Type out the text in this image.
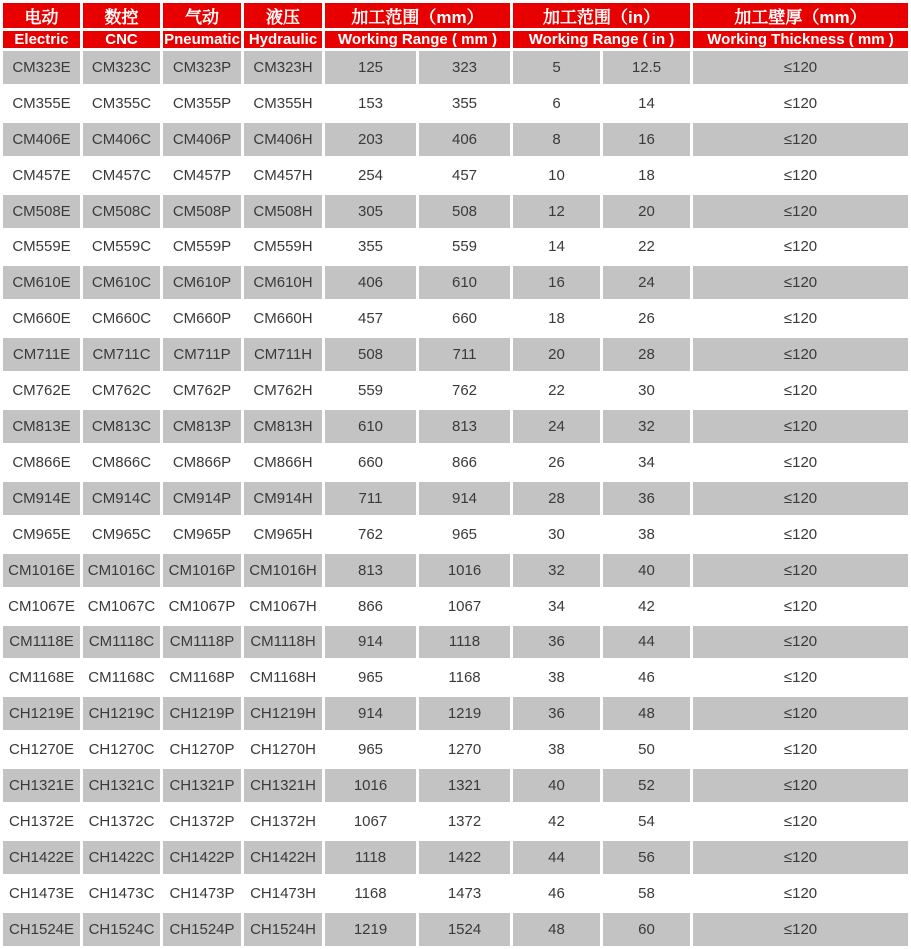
电动	数控	气动	液压	加工范围（mm）		加工范围（in）		加工壁厚（mm）
Electric	CNC	Pneumatic	Hydraulic	Working Range ( mm )		Working Range ( in )		Working Thickness ( mm )
CM323E	CM323C	CM323P	CM323H	125	323	5	12.5	≤120
CM355E	CM355C	CM355P	CM355H	153	355	6	14	≤120
CM406E	CM406C	CM406P	CM406H	203	406	8	16	≤120
CM457E	CM457C	CM457P	CM457H	254	457	10	18	≤120
CM508E	CM508C	CM508P	CM508H	305	508	12	20	≤120
CM559E	CM559C	CM559P	CM559H	355	559	14	22	≤120
CM610E	CM610C	CM610P	CM610H	406	610	16	24	≤120
CM660E	CM660C	CM660P	CM660H	457	660	18	26	≤120
CM711E	CM711C	CM711P	CM711H	508	711	20	28	≤120
CM762E	CM762C	CM762P	CM762H	559	762	22	30	≤120
CM813E	CM813C	CM813P	CM813H	610	813	24	32	≤120
CM866E	CM866C	CM866P	CM866H	660	866	26	34	≤120
CM914E	CM914C	CM914P	CM914H	711	914	28	36	≤120
CM965E	CM965C	CM965P	CM965H	762	965	30	38	≤120
CM1016E	CM1016C	CM1016P	CM1016H	813	1016	32	40	≤120
CM1067E	CM1067C	CM1067P	CM1067H	866	1067	34	42	≤120
CM1118E	CM1118C	CM1118P	CM1118H	914	1118	36	44	≤120
CM1168E	CM1168C	CM1168P	CM1168H	965	1168	38	46	≤120
CH1219E	CH1219C	CH1219P	CH1219H	914	1219	36	48	≤120
CH1270E	CH1270C	CH1270P	CH1270H	965	1270	38	50	≤120
CH1321E	CH1321C	CH1321P	CH1321H	1016	1321	40	52	≤120
CH1372E	CH1372C	CH1372P	CH1372H	1067	1372	42	54	≤120
CH1422E	CH1422C	CH1422P	CH1422H	1118	1422	44	56	≤120
CH1473E	CH1473C	CH1473P	CH1473H	1168	1473	46	58	≤120
CH1524E	CH1524C	CH1524P	CH1524H	1219	1524	48	60	≤120
